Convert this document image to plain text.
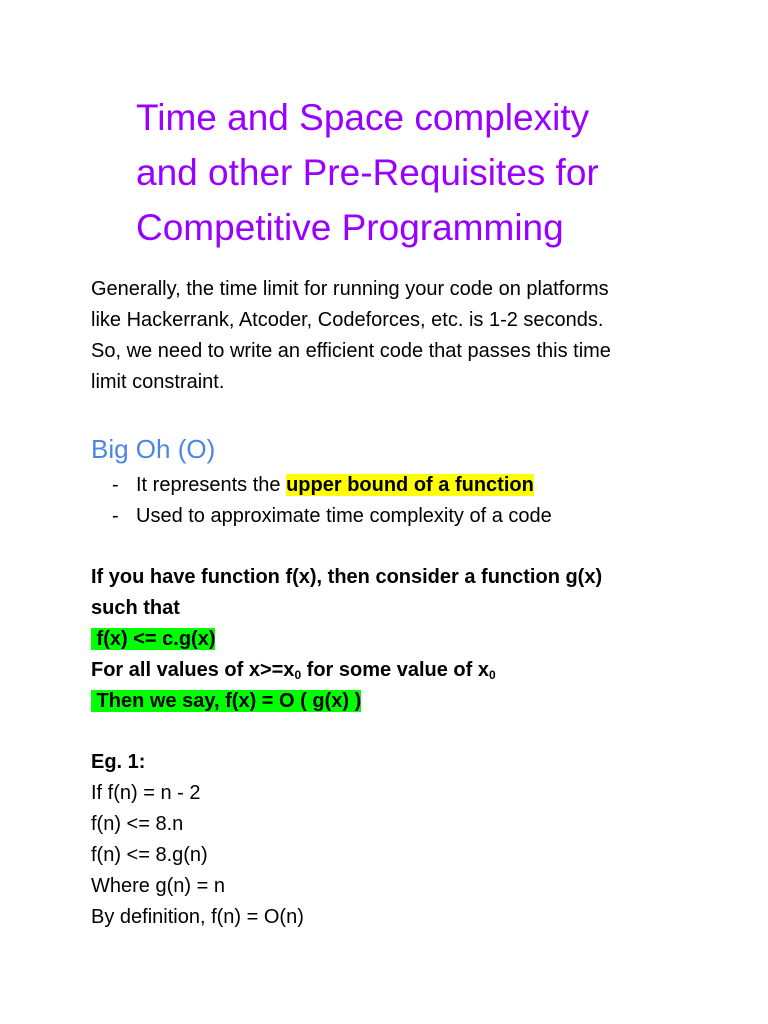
Time and Space complexity
and other Pre-Requisites for
Competitive Programming

Generally, the time limit for running your code on platforms
like Hackerrank, Atcoder, Codeforces, etc. is 1-2 seconds.
So, we need to write an efficient code that passes this time
limit constraint.

Big Oh (O)
- It represents the upper bound of a function
- Used to approximate time complexity of a code
If you have function f(x), then consider a function g(x)
such that
f(x) <= c.g(x)
For all values of $x>=x_0$ for some value of $x_0$
Then we say, f(x) = O ( g(x) )
Eg. 1:
If f(n) = n - 2
f(n) <= 8.n
f(n) <= 8.g(n)
Where g(n) = n
By definition, f(n) = O(n)
